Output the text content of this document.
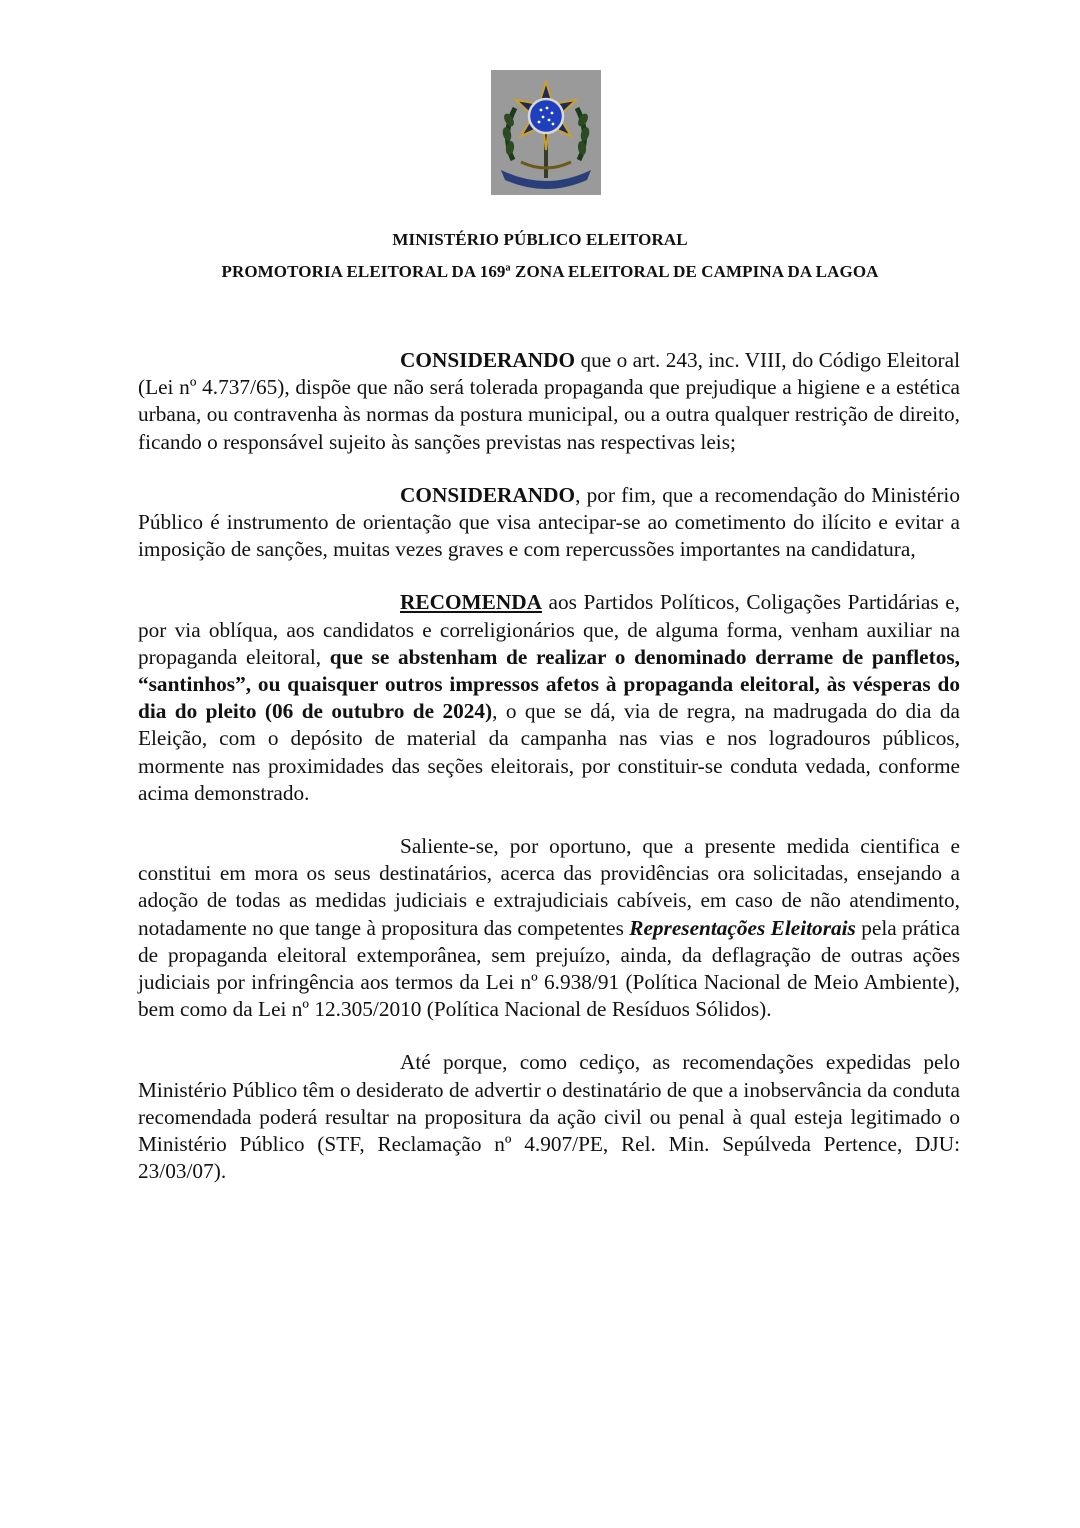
MINISTÉRIO PÚBLICO ELEITORAL
PROMOTORIA ELEITORAL DA 169ª ZONA ELEITORAL DE CAMPINA DA LAGOA

CONSIDERANDO que o art. 243, inc. VIII, do Código Eleitoral (Lei nº 4.737/65), dispõe que não será tolerada propaganda que prejudique a higiene e a estética urbana, ou contravenha às normas da postura municipal, ou a outra qualquer restrição de direito, ficando o responsável sujeito às sanções previstas nas respectivas leis;

CONSIDERANDO, por fim, que a recomendação do Ministério Público é instrumento de orientação que visa antecipar-se ao cometimento do ilícito e evitar a imposição de sanções, muitas vezes graves e com repercussões importantes na candidatura,

RECOMENDA aos Partidos Políticos, Coligações Partidárias e, por via oblíqua, aos candidatos e correligionários que, de alguma forma, venham auxiliar na propaganda eleitoral, que se abstenham de realizar o denominado derrame de panfletos, “santinhos”, ou quaisquer outros impressos afetos à propaganda eleitoral, às vésperas do dia do pleito (06 de outubro de 2024), o que se dá, via de regra, na madrugada do dia da Eleição, com o depósito de material da campanha nas vias e nos logradouros públicos, mormente nas proximidades das seções eleitorais, por constituir-se conduta vedada, conforme acima demonstrado.

Saliente-se, por oportuno, que a presente medida cientifica e constitui em mora os seus destinatários, acerca das providências ora solicitadas, ensejando a adoção de todas as medidas judiciais e extrajudiciais cabíveis, em caso de não atendimento, notadamente no que tange à propositura das competentes Representações Eleitorais pela prática de propaganda eleitoral extemporânea, sem prejuízo, ainda, da deflagração de outras ações judiciais por infringência aos termos da Lei nº 6.938/91 (Política Nacional de Meio Ambiente), bem como da Lei nº 12.305/2010 (Política Nacional de Resíduos Sólidos).

Até porque, como cediço, as recomendações expedidas pelo Ministério Público têm o desiderato de advertir o destinatário de que a inobservância da conduta recomendada poderá resultar na propositura da ação civil ou penal à qual esteja legitimado o Ministério Público (STF, Reclamação nº 4.907/PE, Rel. Min. Sepúlveda Pertence, DJU: 23/03/07).
